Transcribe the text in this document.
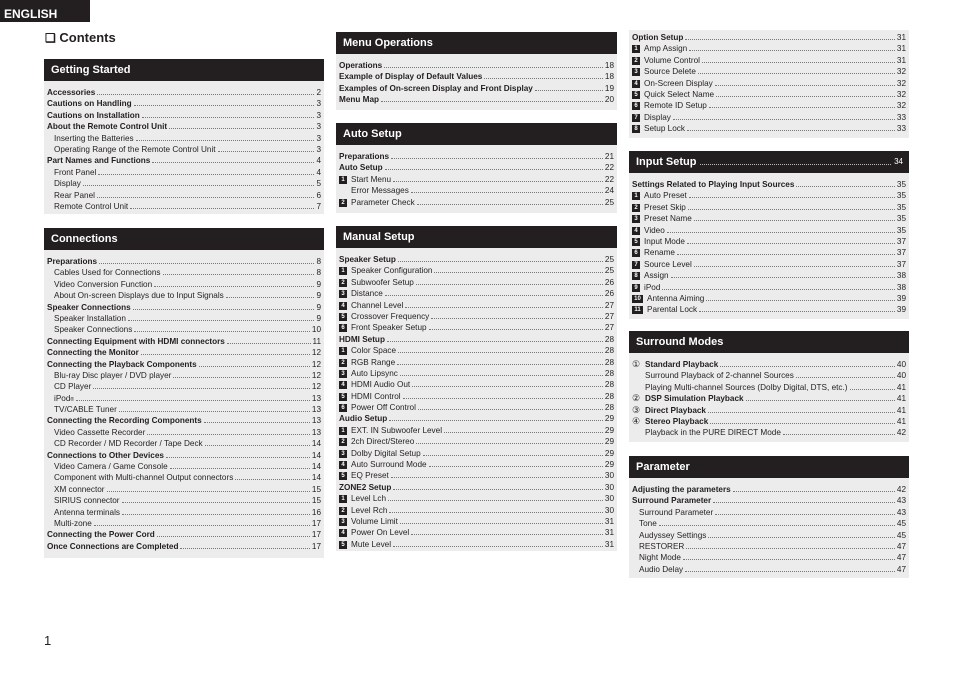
ENGLISH
❑ Contents
Getting Started
Accessories	2
Cautions on Handling	3
Cautions on Installation	3
About the Remote Control Unit	3
Inserting the Batteries	3
Operating Range of the Remote Control Unit	3
Part Names and Functions	4
Front Panel	4
Display	5
Rear Panel	6
Remote Control Unit	7
Connections
Preparations	8
Cables Used for Connections	8
Video Conversion Function	9
About On-screen Displays due to Input Signals	9
Speaker Connections	9
Speaker Installation	9
Speaker Connections	10
Connecting Equipment with HDMI connectors	11
Connecting the Monitor	12
Connecting the Playback Components	12
Blu-ray Disc player / DVD player	12
CD Player	12
iPod ®	13
TV/CABLE Tuner	13
Connecting the Recording Components	13
Video Cassette Recorder	13
CD Recorder / MD Recorder / Tape Deck	14
Connections to Other Devices	14
Video Camera / Game Console	14
Component with Multi-channel Output connectors	14
XM connector	15
SIRIUS connector	15
Antenna terminals	16
Multi-zone	17
Connecting the Power Cord	17
Once Connections are Completed	17
Menu Operations
Operations	18
Example of Display of Default Values	18
Examples of On-screen Display and Front Display	19
Menu Map	20
Auto Setup
Preparations	21
Auto Setup	22
1 Start Menu	22
Error Messages	24
2 Parameter Check	25
Manual Setup
Speaker Setup	25
1 Speaker Configuration	25
2 Subwoofer Setup	26
3 Distance	26
4 Channel Level	27
5 Crossover Frequency	27
6 Front Speaker Setup	27
HDMI Setup	28
1 Color Space	28
2 RGB Range	28
3 Auto Lipsync	28
4 HDMI Audio Out	28
5 HDMI Control	28
6 Power Off Control	28
Audio Setup	29
1 EXT. IN Subwoofer Level	29
2 2ch Direct/Stereo	29
3 Dolby Digital Setup	29
4 Auto Surround Mode	29
5 EQ Preset	30
ZONE2 Setup	30
1 Level Lch	30
2 Level Rch	30
3 Volume Limit	31
4 Power On Level	31
5 Mute Level	31
Option Setup	31
1 Amp Assign	31
2 Volume Control	31
3 Source Delete	32
4 On-Screen Display	32
5 Quick Select Name	32
6 Remote ID Setup	32
7 Display	33
8 Setup Lock	33
Input Setup	34
Settings Related to Playing Input Sources	35
1 Auto Preset	35
2 Preset Skip	35
3 Preset Name	35
4 Video	35
5 Input Mode	37
6 Rename	37
7 Source Level	37
8 Assign	38
9 iPod	38
10 Antenna Aiming	39
11 Parental Lock	39
Surround Modes
① Standard Playback	40
Surround Playback of 2-channel Sources	40
Playing Multi-channel Sources (Dolby Digital, DTS, etc.)	41
② DSP Simulation Playback	41
③ Direct Playback	41
④ Stereo Playback	41
Playback in the PURE DIRECT Mode	42
Parameter
Adjusting the parameters	42
Surround Parameter	43
Surround Parameter	43
Tone	45
Audyssey Settings	45
RESTORER	47
Night Mode	47
Audio Delay	47
1
